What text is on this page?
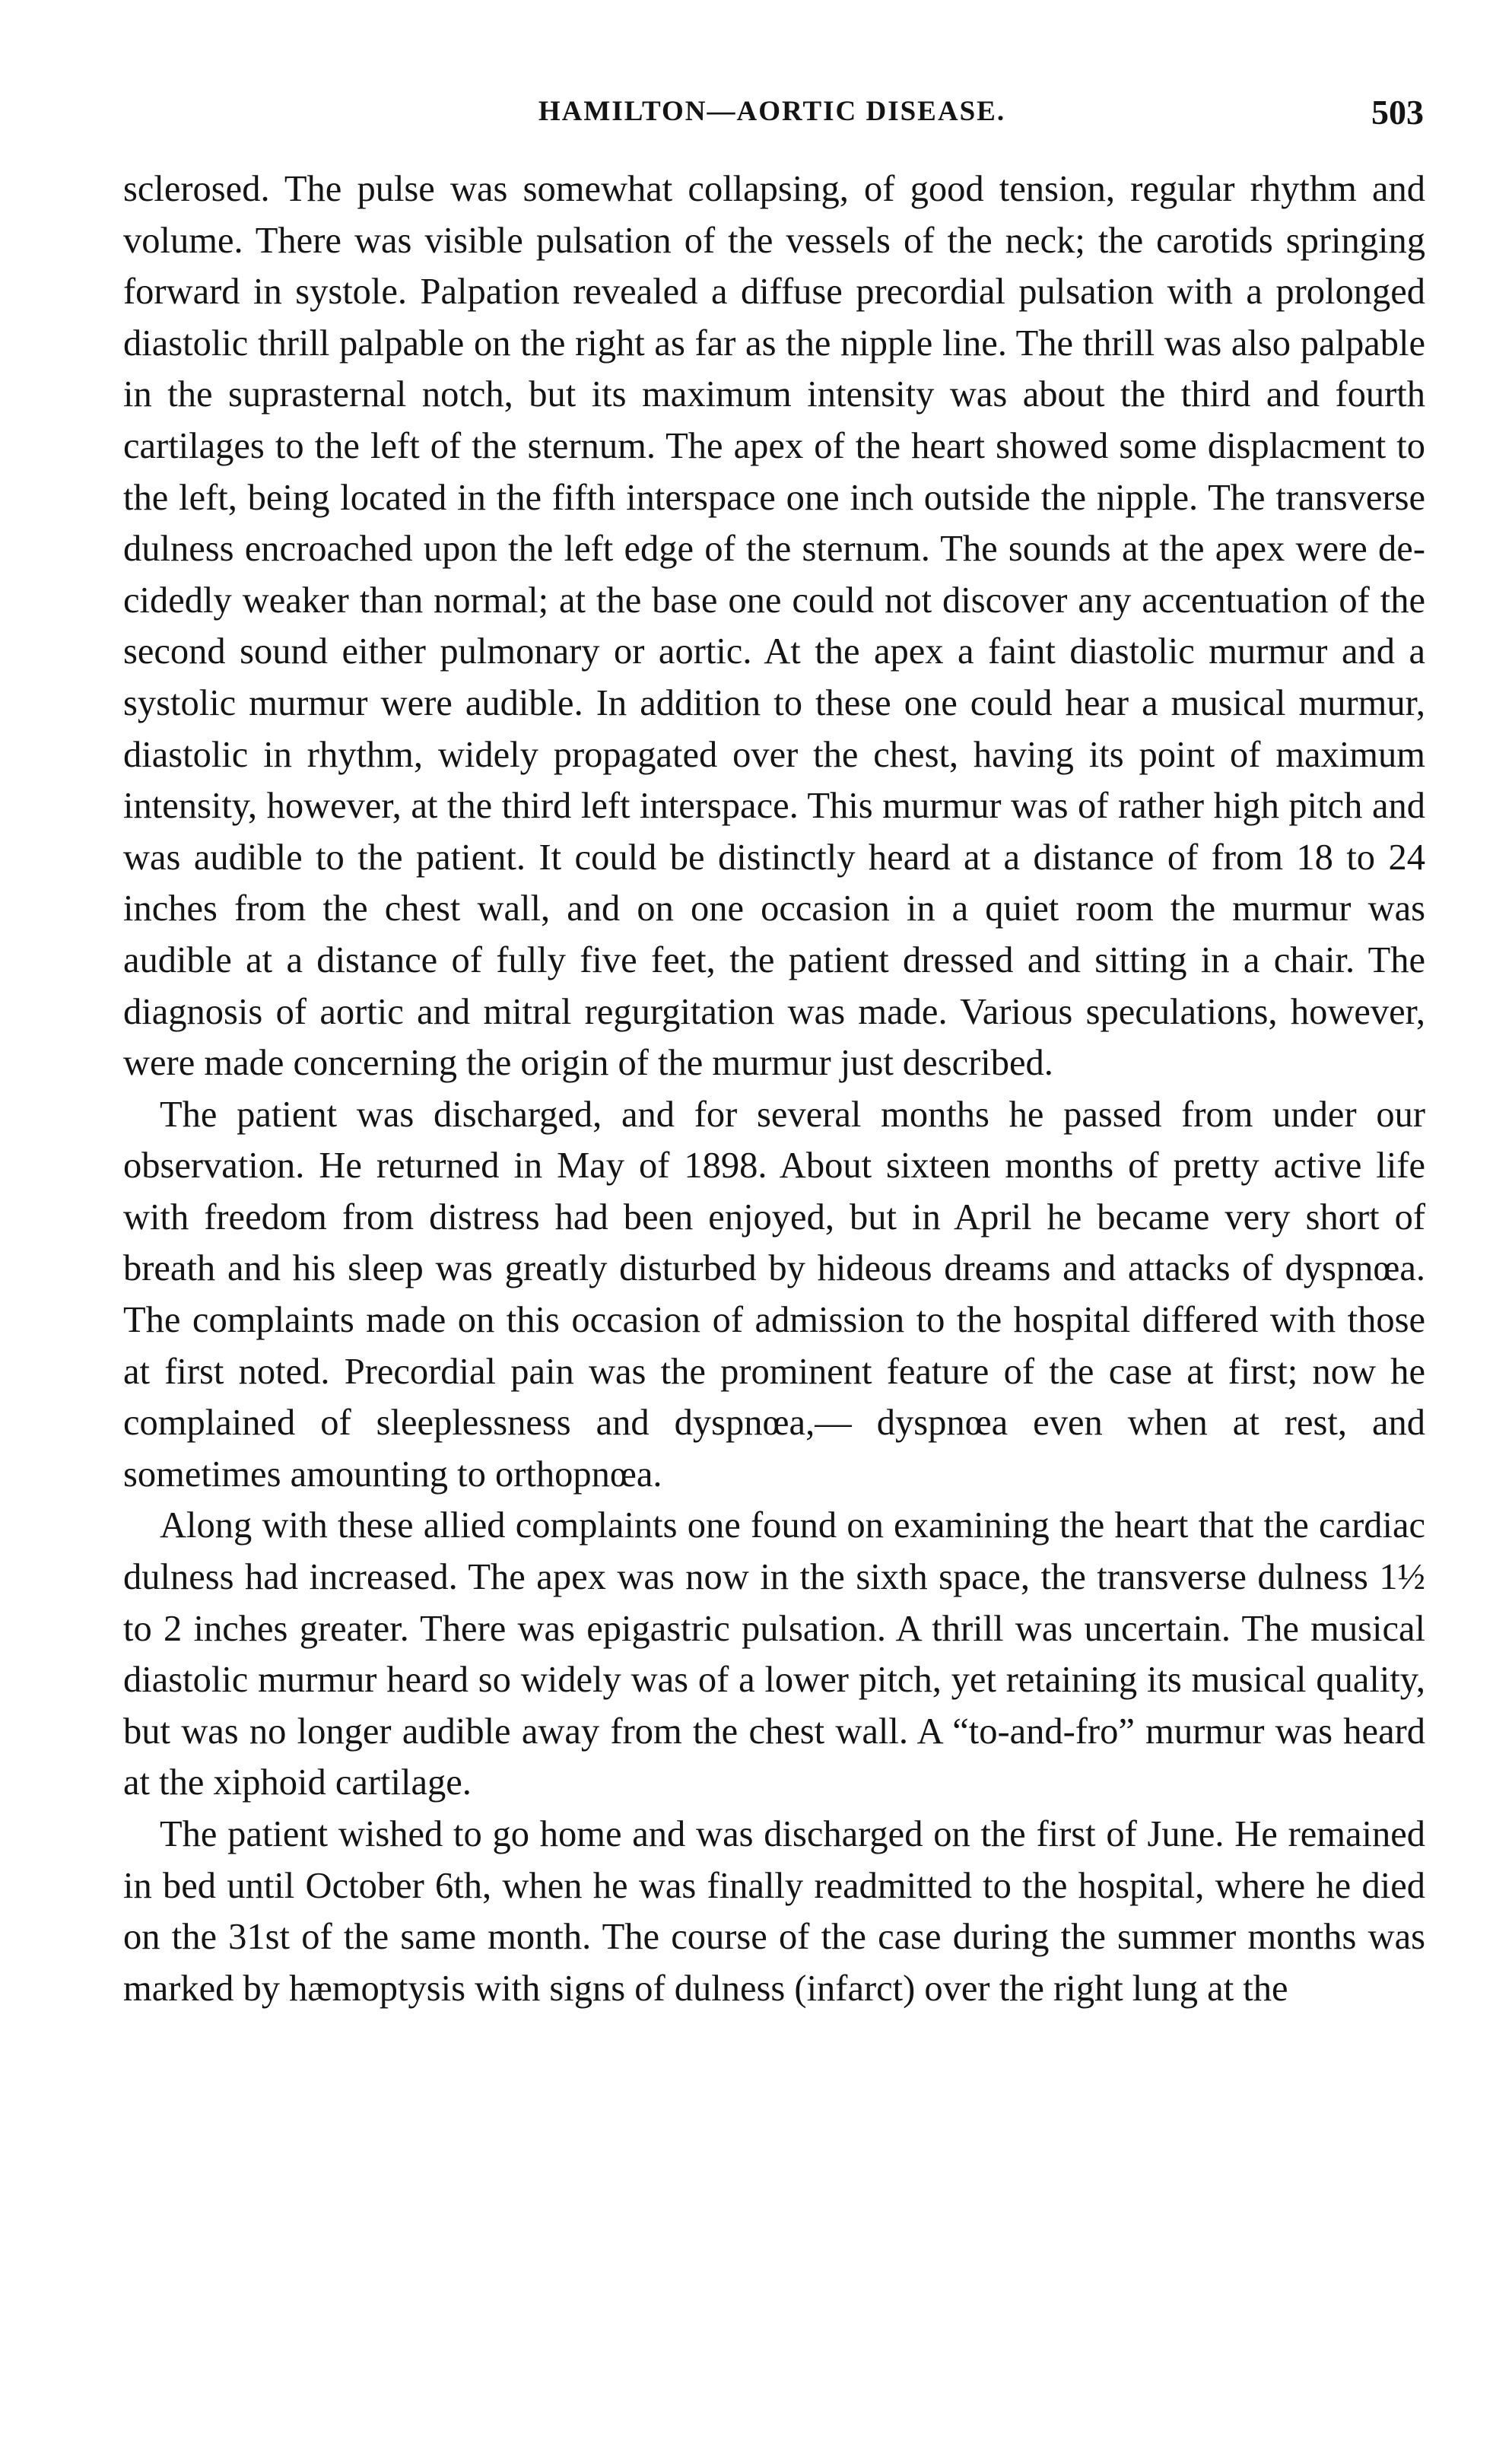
HAMILTON—AORTIC DISEASE.	503

sclerosed. The pulse was somewhat collapsing, of good tension, regular rhythm and volume. There was visible pulsation of the vessels of the neck; the carotids springing forward in systole. Palpation revealed a diffuse precordial pulsation with a prolonged diastolic thrill palpable on the right as far as the nipple line. The thrill was also palpable in the suprasternal notch, but its maximum intensity was about the third and fourth cartilages to the left of the sternum. The apex of the heart showed some displacment to the left, being located in the fifth interspace one inch outside the nipple. The transverse dulness encroached upon the left edge of the sternum. The sounds at the apex were decidedly weaker than normal; at the base one could not discover any accentuation of the second sound either pulmonary or aortic. At the apex a faint diastolic murmur and a systolic murmur were audible. In addition to these one could hear a musical murmur, diastolic in rhythm, widely propagated over the chest, having its point of maximum intensity, however, at the third left interspace. This murmur was of rather high pitch and was audible to the patient. It could be distinctly heard at a distance of from 18 to 24 inches from the chest wall, and on one occasion in a quiet room the murmur was audible at a distance of fully five feet, the patient dressed and sitting in a chair. The diagnosis of aortic and mitral regurgitation was made. Various speculations, however, were made concerning the origin of the murmur just described.

The patient was discharged, and for several months he passed from under our observation. He returned in May of 1898. About sixteen months of pretty active life with freedom from distress had been enjoyed, but in April he became very short of breath and his sleep was greatly disturbed by hideous dreams and attacks of dyspnœa. The complaints made on this occasion of admission to the hospital differed with those at first noted. Precordial pain was the prominent feature of the case at first; now he complained of sleeplessness and dyspnœa,— dyspnœa even when at rest, and sometimes amounting to orthopnœa.

Along with these allied complaints one found on examining the heart that the cardiac dulness had increased. The apex was now in the sixth space, the transverse dulness 1½ to 2 inches greater. There was epigastric pulsation. A thrill was uncertain. The musical diastolic murmur heard so widely was of a lower pitch, yet retaining its musical quality, but was no longer audible away from the chest wall. A “to-and-fro” murmur was heard at the xiphoid cartilage.

The patient wished to go home and was discharged on the first of June. He remained in bed until October 6th, when he was finally readmitted to the hospital, where he died on the 31st of the same month. The course of the case during the summer months was marked by hæmoptysis with signs of dulness (infarct) over the right lung at the
